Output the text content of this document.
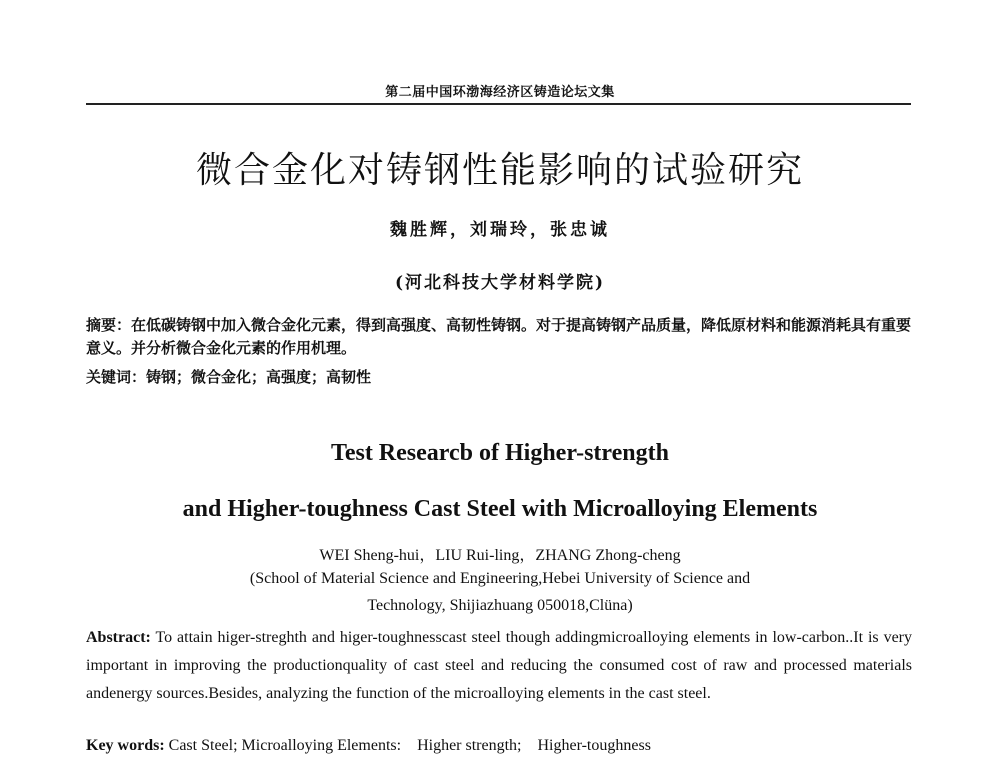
第二届中国环渤海经济区铸造论坛文集
微合金化对铸钢性能影响的试验研究
魏胜辉，刘瑞玲，张忠诚
(河北科技大学材料学院)
摘要：在低碳铸钢中加入微合金化元素，得到高强度、高韧性铸钢。对于提高铸钢产品质量，降低原材料和能源消耗具有重要意义。并分析微合金化元素的作用机理。
关键词：铸钢；微合金化；高强度；高韧性
Test Researcb of Higher-strength
and Higher-toughness Cast Steel with Microalloying Elements
WEI Sheng-hui，LIU Rui-ling，ZHANG Zhong-cheng
(School of Material Science and Engineering,Hebei University of Science and
Technology, Shijiazhuang 050018,Clüna)
Abstract: To attain higer-streghth and higer-toughnesscast steel though addingmicroalloying elements in low-carbon..It is very important in improving the productionquality of cast steel and reducing the consumed cost of raw and processed materials andenergy sources.Besides, analyzing the function of the microalloying elements in the cast steel.
Key words: Cast Steel; Microalloying Elements:    Higher strength;    Higher-toughness
